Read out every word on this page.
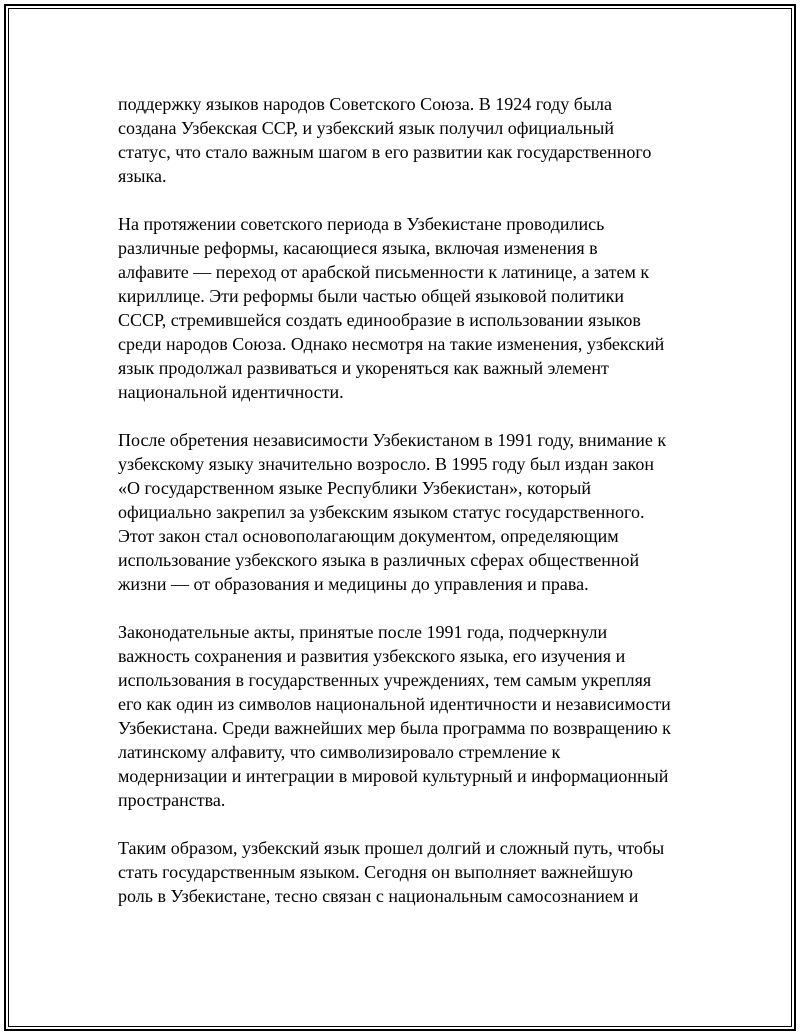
поддержку языков народов Советского Союза. В 1924 году была
создана Узбекская ССР, и узбекский язык получил официальный
статус, что стало важным шагом в его развитии как государственного
языка.

На протяжении советского периода в Узбекистане проводились
различные реформы, касающиеся языка, включая изменения в
алфавите — переход от арабской письменности к латинице, а затем к
кириллице. Эти реформы были частью общей языковой политики
СССР, стремившейся создать единообразие в использовании языков
среди народов Союза. Однако несмотря на такие изменения, узбекский
язык продолжал развиваться и укореняться как важный элемент
национальной идентичности.

После обретения независимости Узбекистаном в 1991 году, внимание к
узбекскому языку значительно возросло. В 1995 году был издан закон
«О государственном языке Республики Узбекистан», который
официально закрепил за узбекским языком статус государственного.
Этот закон стал основополагающим документом, определяющим
использование узбекского языка в различных сферах общественной
жизни — от образования и медицины до управления и права.

Законодательные акты, принятые после 1991 года, подчеркнули
важность сохранения и развития узбекского языка, его изучения и
использования в государственных учреждениях, тем самым укрепляя
его как один из символов национальной идентичности и независимости
Узбекистана. Среди важнейших мер была программа по возвращению к
латинскому алфавиту, что символизировало стремление к
модернизации и интеграции в мировой культурный и информационный
пространства.

Таким образом, узбекский язык прошел долгий и сложный путь, чтобы
стать государственным языком. Сегодня он выполняет важнейшую
роль в Узбекистане, тесно связан с национальным самосознанием и
